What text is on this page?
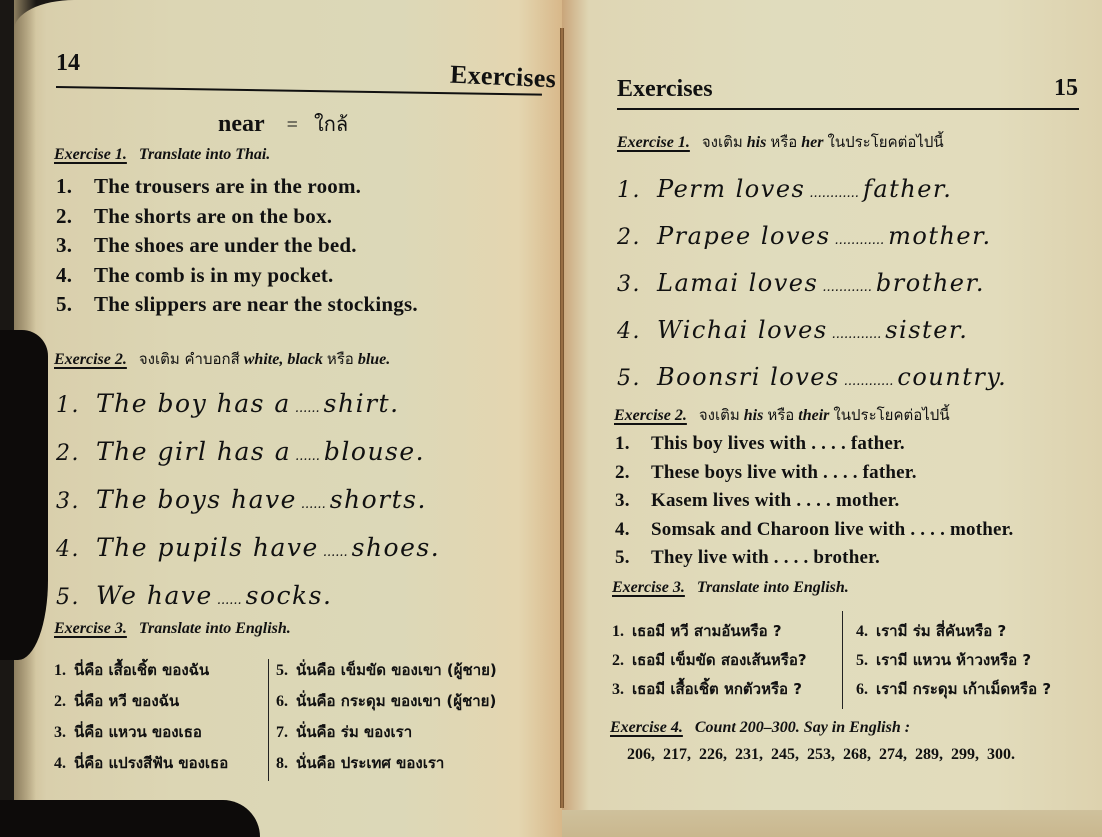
14	Exercises
near = ใกล้
Exercise 1. Translate into Thai.
1. The trousers are in the room.
2. The shorts are on the box.
3. The shoes are under the bed.
4. The comb is in my pocket.
5. The slippers are near the stockings.
Exercise 2. จงเติม คำบอกสี white, black หรือ blue.
1. The boy has a ...... shirt.
2. The girl has a ...... blouse.
3. The boys have ...... shorts.
4. The pupils have ...... shoes.
5. We have ...... socks.
Exercise 3. Translate into English.
1. นี่คือ เสื้อเชิ้ต ของฉัน
2. นี่คือ หวี ของฉัน
3. นี่คือ แหวน ของเธอ
4. นี่คือ แปรงสีฟัน ของเธอ
5. นั่นคือ เข็มขัด ของเขา (ผู้ชาย)
6. นั่นคือ กระดุม ของเขา (ผู้ชาย)
7. นั่นคือ ร่ม ของเรา
8. นั่นคือ ประเทศ ของเรา
Exercises	15
Exercise 1. จงเติม his หรือ her ในประโยคต่อไปนี้
1. Perm loves ............ father.
2. Prapee loves ............ mother.
3. Lamai loves ............ brother.
4. Wichai loves ............ sister.
5. Boonsri loves ............ country.
Exercise 2. จงเติม his หรือ their ในประโยคต่อไปนี้
1. This boy lives with . . . . father.
2. These boys live with . . . . father.
3. Kasem lives with . . . . mother.
4. Somsak and Charoon live with . . . . mother.
5. They live with . . . . brother.
Exercise 3. Translate into English.
1. เธอมี หวี สามอันหรือ ?
2. เธอมี เข็มขัด สองเส้นหรือ?
3. เธอมี เสื้อเชิ้ต หกตัวหรือ ?
4. เรามี ร่ม สี่คันหรือ ?
5. เรามี แหวน ห้าวงหรือ ?
6. เรามี กระดุม เก้าเม็ดหรือ ?
Exercise 4. Count 200–300. Say in English :
206, 217, 226, 231, 245, 253, 268, 274, 289, 299, 300.
